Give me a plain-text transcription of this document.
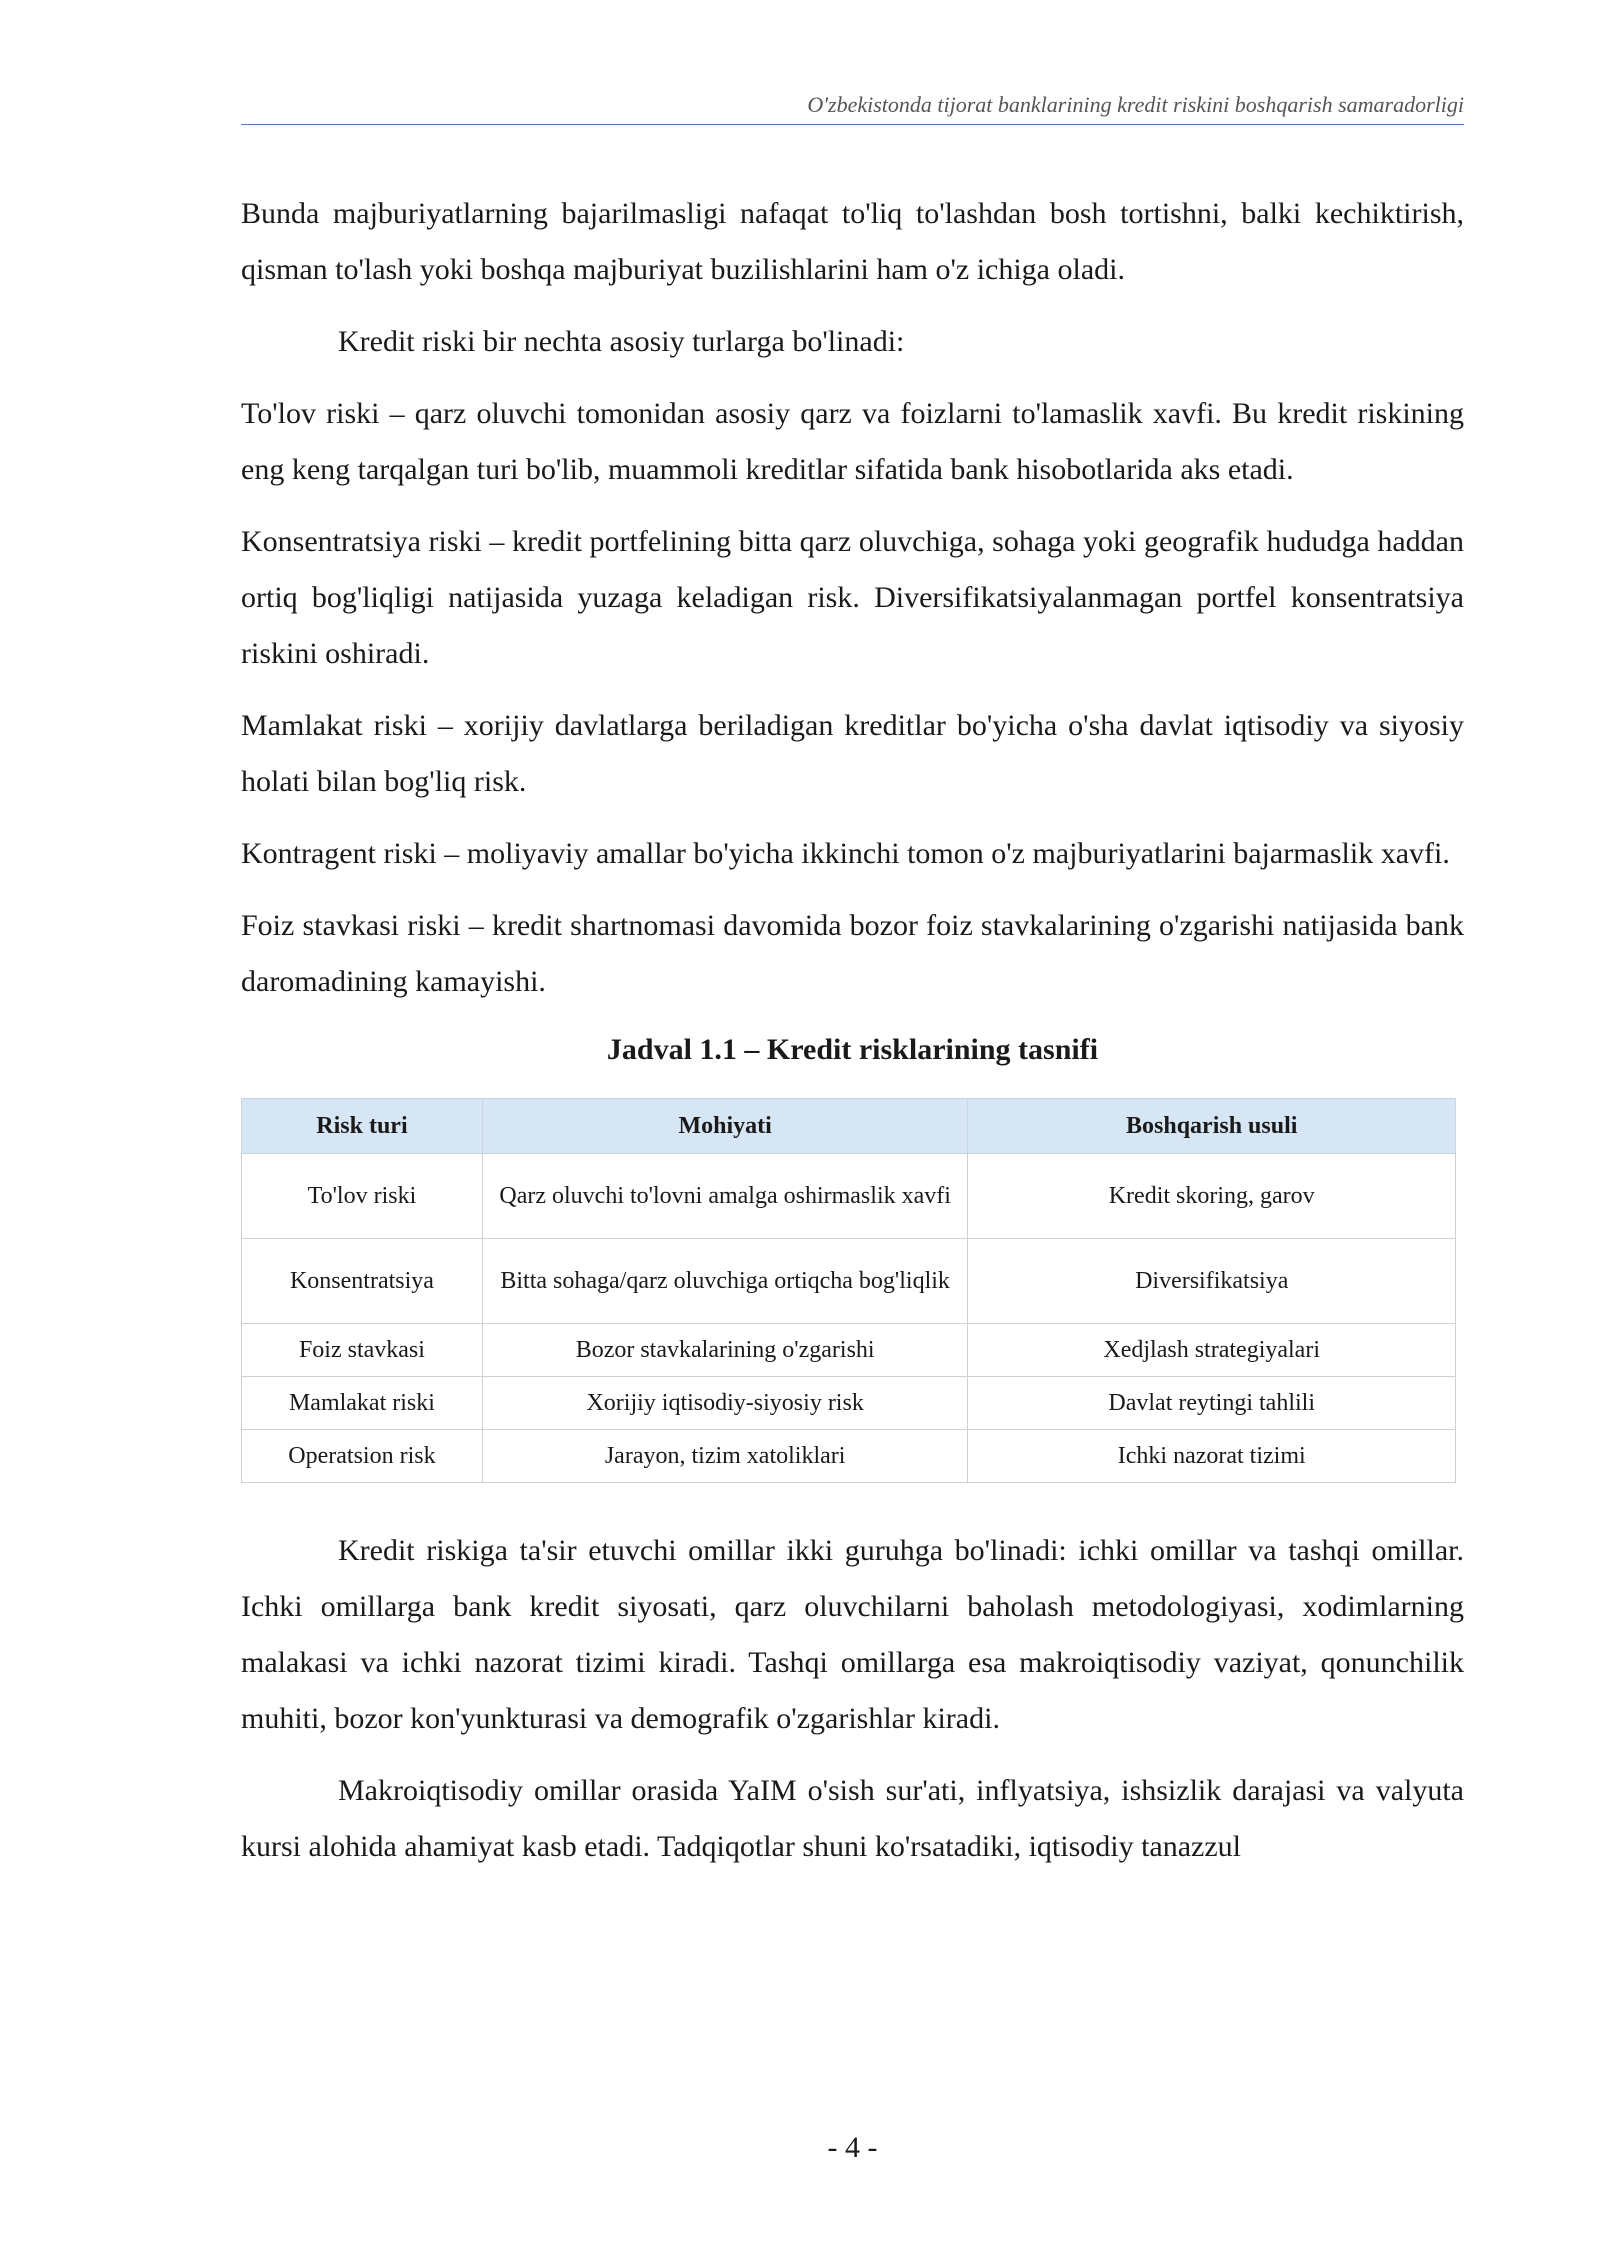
O'zbekistonda tijorat banklarining kredit riskini boshqarish samaradorligi

Bunda majburiyatlarning bajarilmasligi nafaqat to'liq to'lashdan bosh tortishni, balki kechiktirish, qisman to'lash yoki boshqa majburiyat buzilishlarini ham o'z ichiga oladi.

Kredit riski bir nechta asosiy turlarga bo'linadi:

To'lov riski – qarz oluvchi tomonidan asosiy qarz va foizlarni to'lamaslik xavfi. Bu kredit riskining eng keng tarqalgan turi bo'lib, muammoli kreditlar sifatida bank hisobotlarida aks etadi.

Konsentratsiya riski – kredit portfelining bitta qarz oluvchiga, sohaga yoki geografik hududga haddan ortiq bog'liqligi natijasida yuzaga keladigan risk. Diversifikatsiyalanmagan portfel konsentratsiya riskini oshiradi.

Mamlakat riski – xorijiy davlatlarga beriladigan kreditlar bo'yicha o'sha davlat iqtisodiy va siyosiy holati bilan bog'liq risk.

Kontragent riski – moliyaviy amallar bo'yicha ikkinchi tomon o'z majburiyatlarini bajarmaslik xavfi.

Foiz stavkasi riski – kredit shartnomasi davomida bozor foiz stavkalarining o'zgarishi natijasida bank daromadining kamayishi.

Jadval 1.1 – Kredit risklarining tasnifi
Risk turi	Mohiyati	Boshqarish usuli
To'lov riski	Qarz oluvchi to'lovni amalga oshirmaslik xavfi	Kredit skoring, garov
Konsentratsiya	Bitta sohaga/qarz oluvchiga ortiqcha bog'liqlik	Diversifikatsiya
Foiz stavkasi	Bozor stavkalarining o'zgarishi	Xedjlash strategiyalari
Mamlakat riski	Xorijiy iqtisodiy-siyosiy risk	Davlat reytingi tahlili
Operatsion risk	Jarayon, tizim xatoliklari	Ichki nazorat tizimi

Kredit riskiga ta'sir etuvchi omillar ikki guruhga bo'linadi: ichki omillar va tashqi omillar. Ichki omillarga bank kredit siyosati, qarz oluvchilarni baholash metodologiyasi, xodimlarning malakasi va ichki nazorat tizimi kiradi. Tashqi omillarga esa makroiqtisodiy vaziyat, qonunchilik muhiti, bozor kon'yunkturasi va demografik o'zgarishlar kiradi.

Makroiqtisodiy omillar orasida YaIM o'sish sur'ati, inflyatsiya, ishsizlik darajasi va valyuta kursi alohida ahamiyat kasb etadi. Tadqiqotlar shuni ko'rsatadiki, iqtisodiy tanazzul

- 4 -
